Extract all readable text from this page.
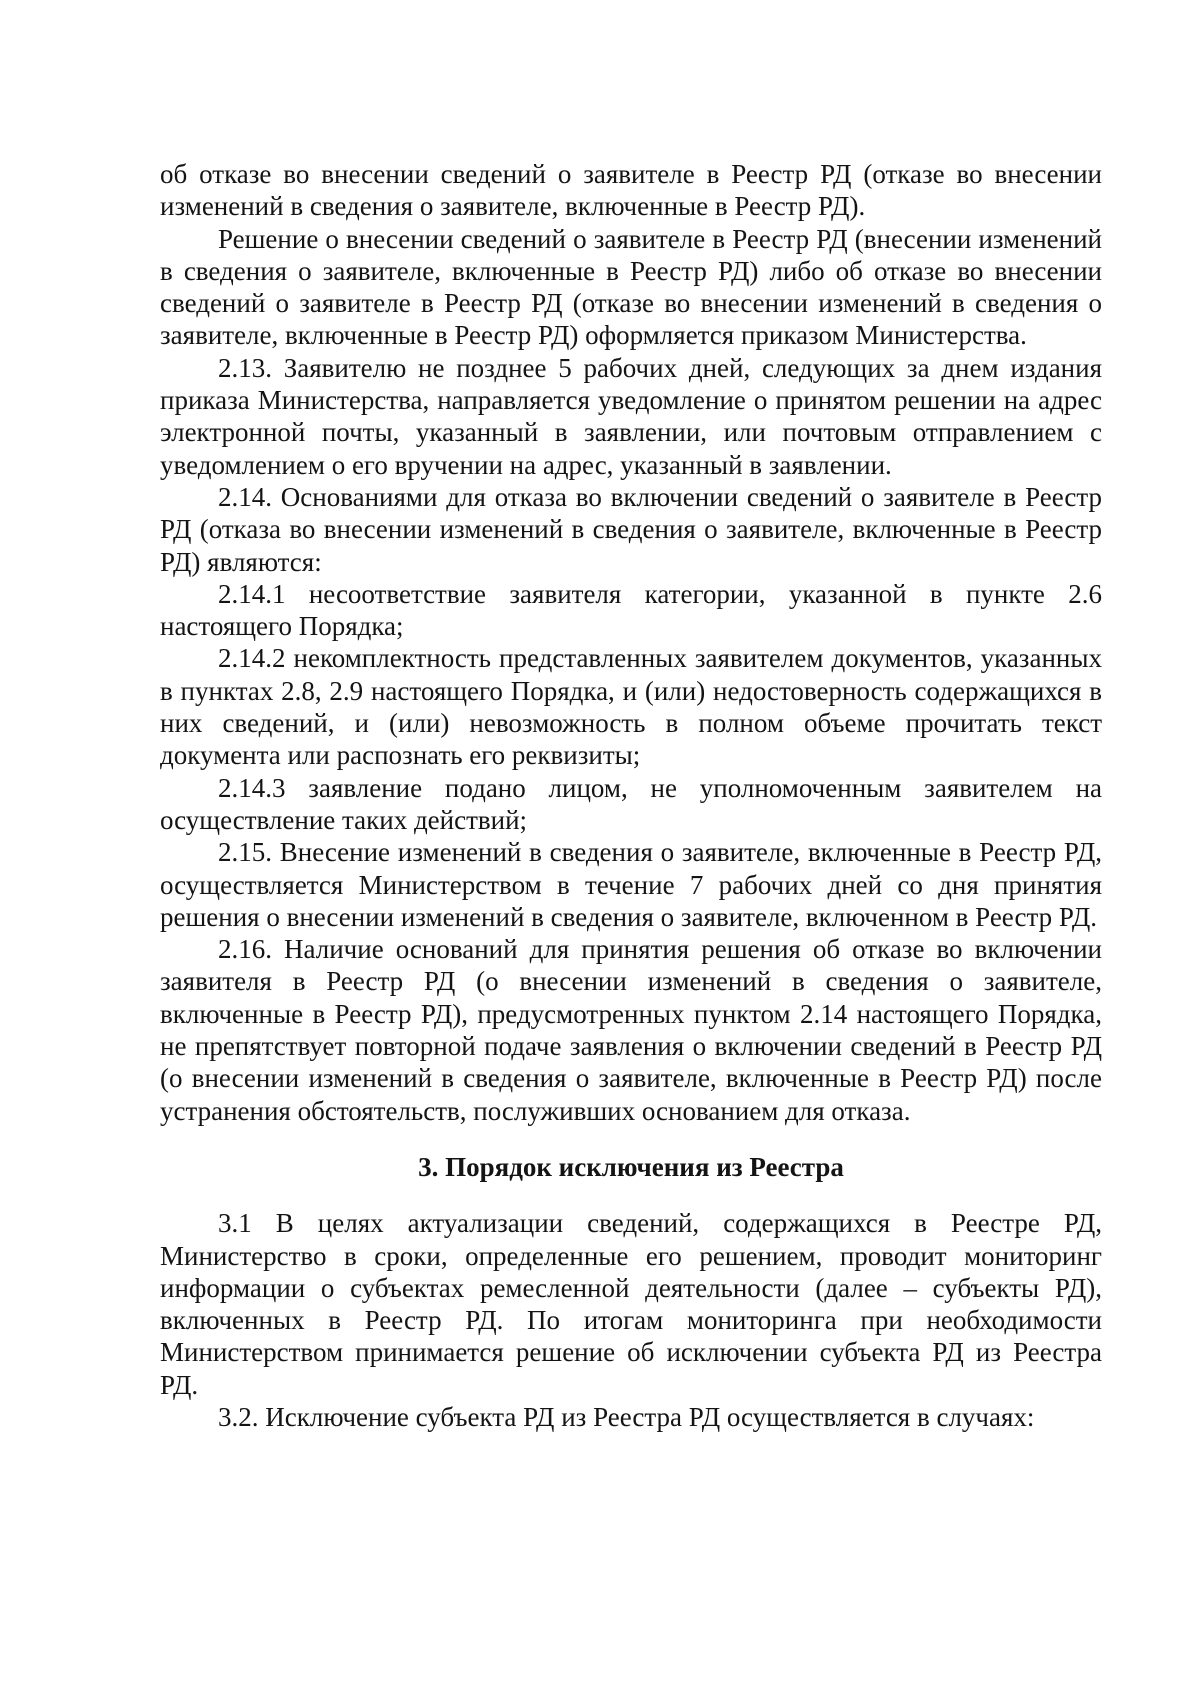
об отказе во внесении сведений о заявителе в Реестр РД (отказе во внесении изменений в сведения о заявителе, включенные в Реестр РД).

Решение о внесении сведений о заявителе в Реестр РД (внесении изменений в сведения о заявителе, включенные в Реестр РД) либо об отказе во внесении сведений о заявителе в Реестр РД (отказе во внесении изменений в сведения о заявителе, включенные в Реестр РД) оформляется приказом Министерства.

2.13. Заявителю не позднее 5 рабочих дней, следующих за днем издания приказа Министерства, направляется уведомление о принятом решении на адрес электронной почты, указанный в заявлении, или почтовым отправлением с уведомлением о его вручении на адрес, указанный в заявлении.

2.14. Основаниями для отказа во включении сведений о заявителе в Реестр РД (отказа во внесении изменений в сведения о заявителе, включенные в Реестр РД) являются:

2.14.1 несоответствие заявителя категории, указанной в пункте 2.6 настоящего Порядка;

2.14.2 некомплектность представленных заявителем документов, указанных в пунктах 2.8, 2.9 настоящего Порядка, и (или) недостоверность содержащихся в них сведений, и (или) невозможность в полном объеме прочитать текст документа или распознать его реквизиты;

2.14.3 заявление подано лицом, не уполномоченным заявителем на осуществление таких действий;

2.15. Внесение изменений в сведения о заявителе, включенные в Реестр РД, осуществляется Министерством в течение 7 рабочих дней со дня принятия решения о внесении изменений в сведения о заявителе, включенном в Реестр РД.

2.16. Наличие оснований для принятия решения об отказе во включении заявителя в Реестр РД (о внесении изменений в сведения о заявителе, включенные в Реестр РД), предусмотренных пунктом 2.14 настоящего Порядка, не препятствует повторной подаче заявления о включении сведений в Реестр РД (о внесении изменений в сведения о заявителе, включенные в Реестр РД) после устранения обстоятельств, послуживших основанием для отказа.

3. Порядок исключения из Реестра

3.1 В целях актуализации сведений, содержащихся в Реестре РД, Министерство в сроки, определенные его решением, проводит мониторинг информации о субъектах ремесленной деятельности (далее – субъекты РД), включенных в Реестр РД. По итогам мониторинга при необходимости Министерством принимается решение об исключении субъекта РД из Реестра РД.

3.2. Исключение субъекта РД из Реестра РД осуществляется в случаях:
